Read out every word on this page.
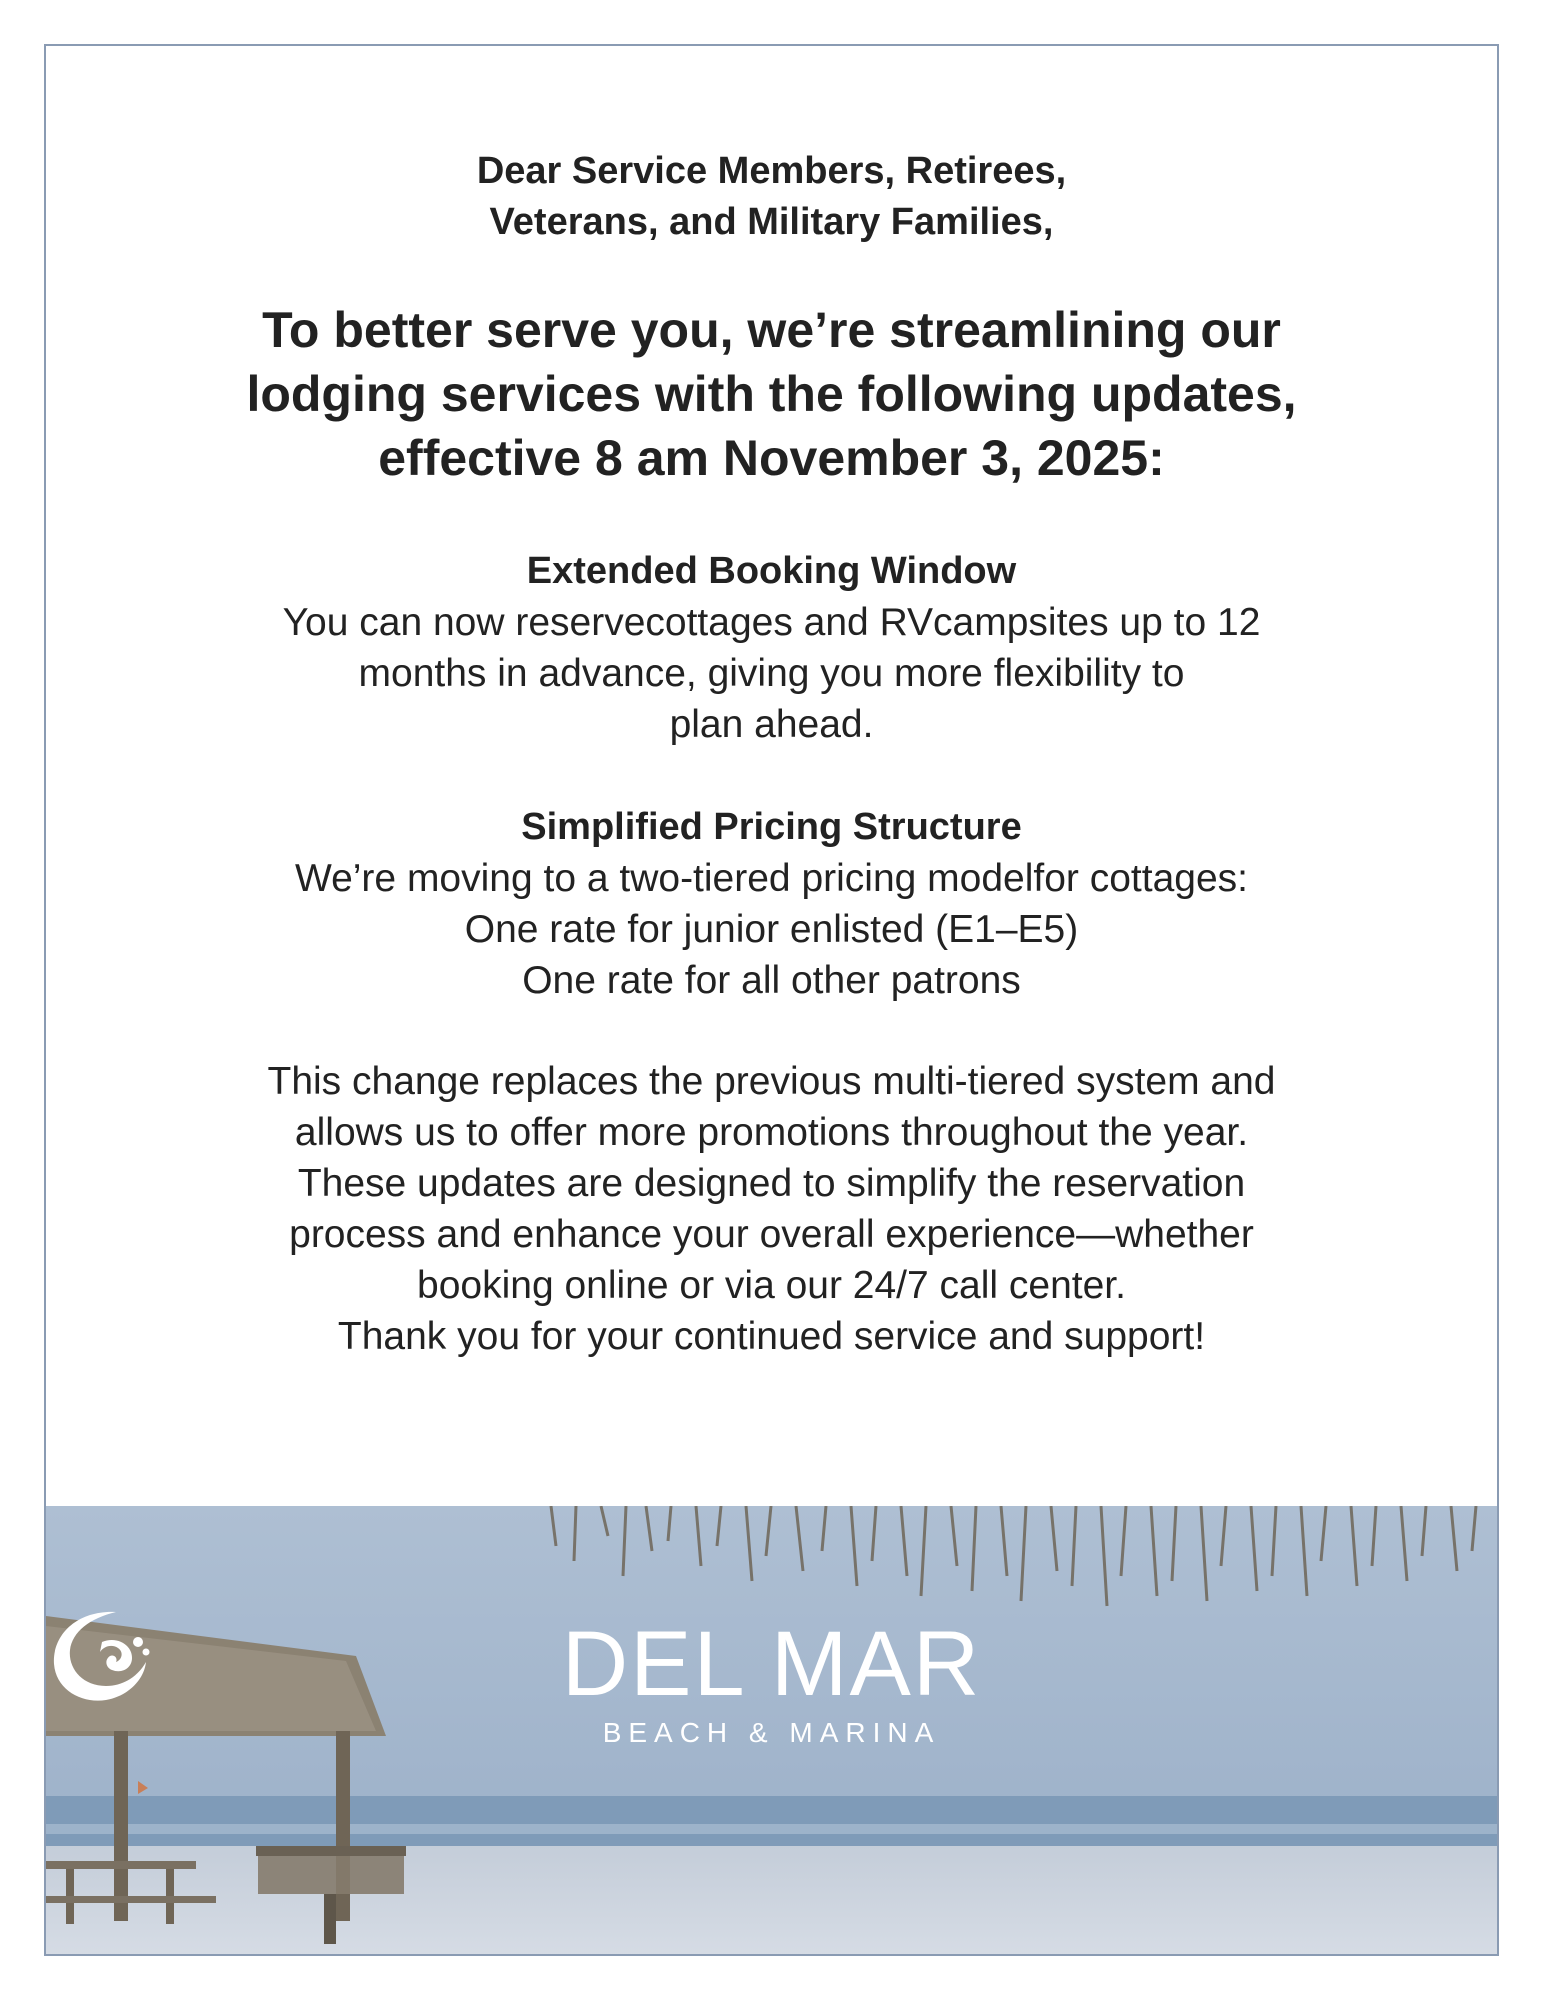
Dear Service Members, Retirees,
Veterans, and Military Families,

To better serve you, we’re streamlining our
lodging services with the following updates,
effective 8 am November 3, 2025:
Extended Booking Window

You can now reservecottages and RVcampsites up to 12
months in advance, giving you more flexibility to
plan ahead.

Simplified Pricing Structure

We’re moving to a two-tiered pricing modelfor cottages:
One rate for junior enlisted (E1–E5)
One rate for all other patrons

This change replaces the previous multi-tiered system and
allows us to offer more promotions throughout the year.
These updates are designed to simplify the reservation
process and enhance your overall experience—whether
booking online or via our 24/7 call center.
Thank you for your continued service and support!

DEL MAR

BEACH & MARINA
